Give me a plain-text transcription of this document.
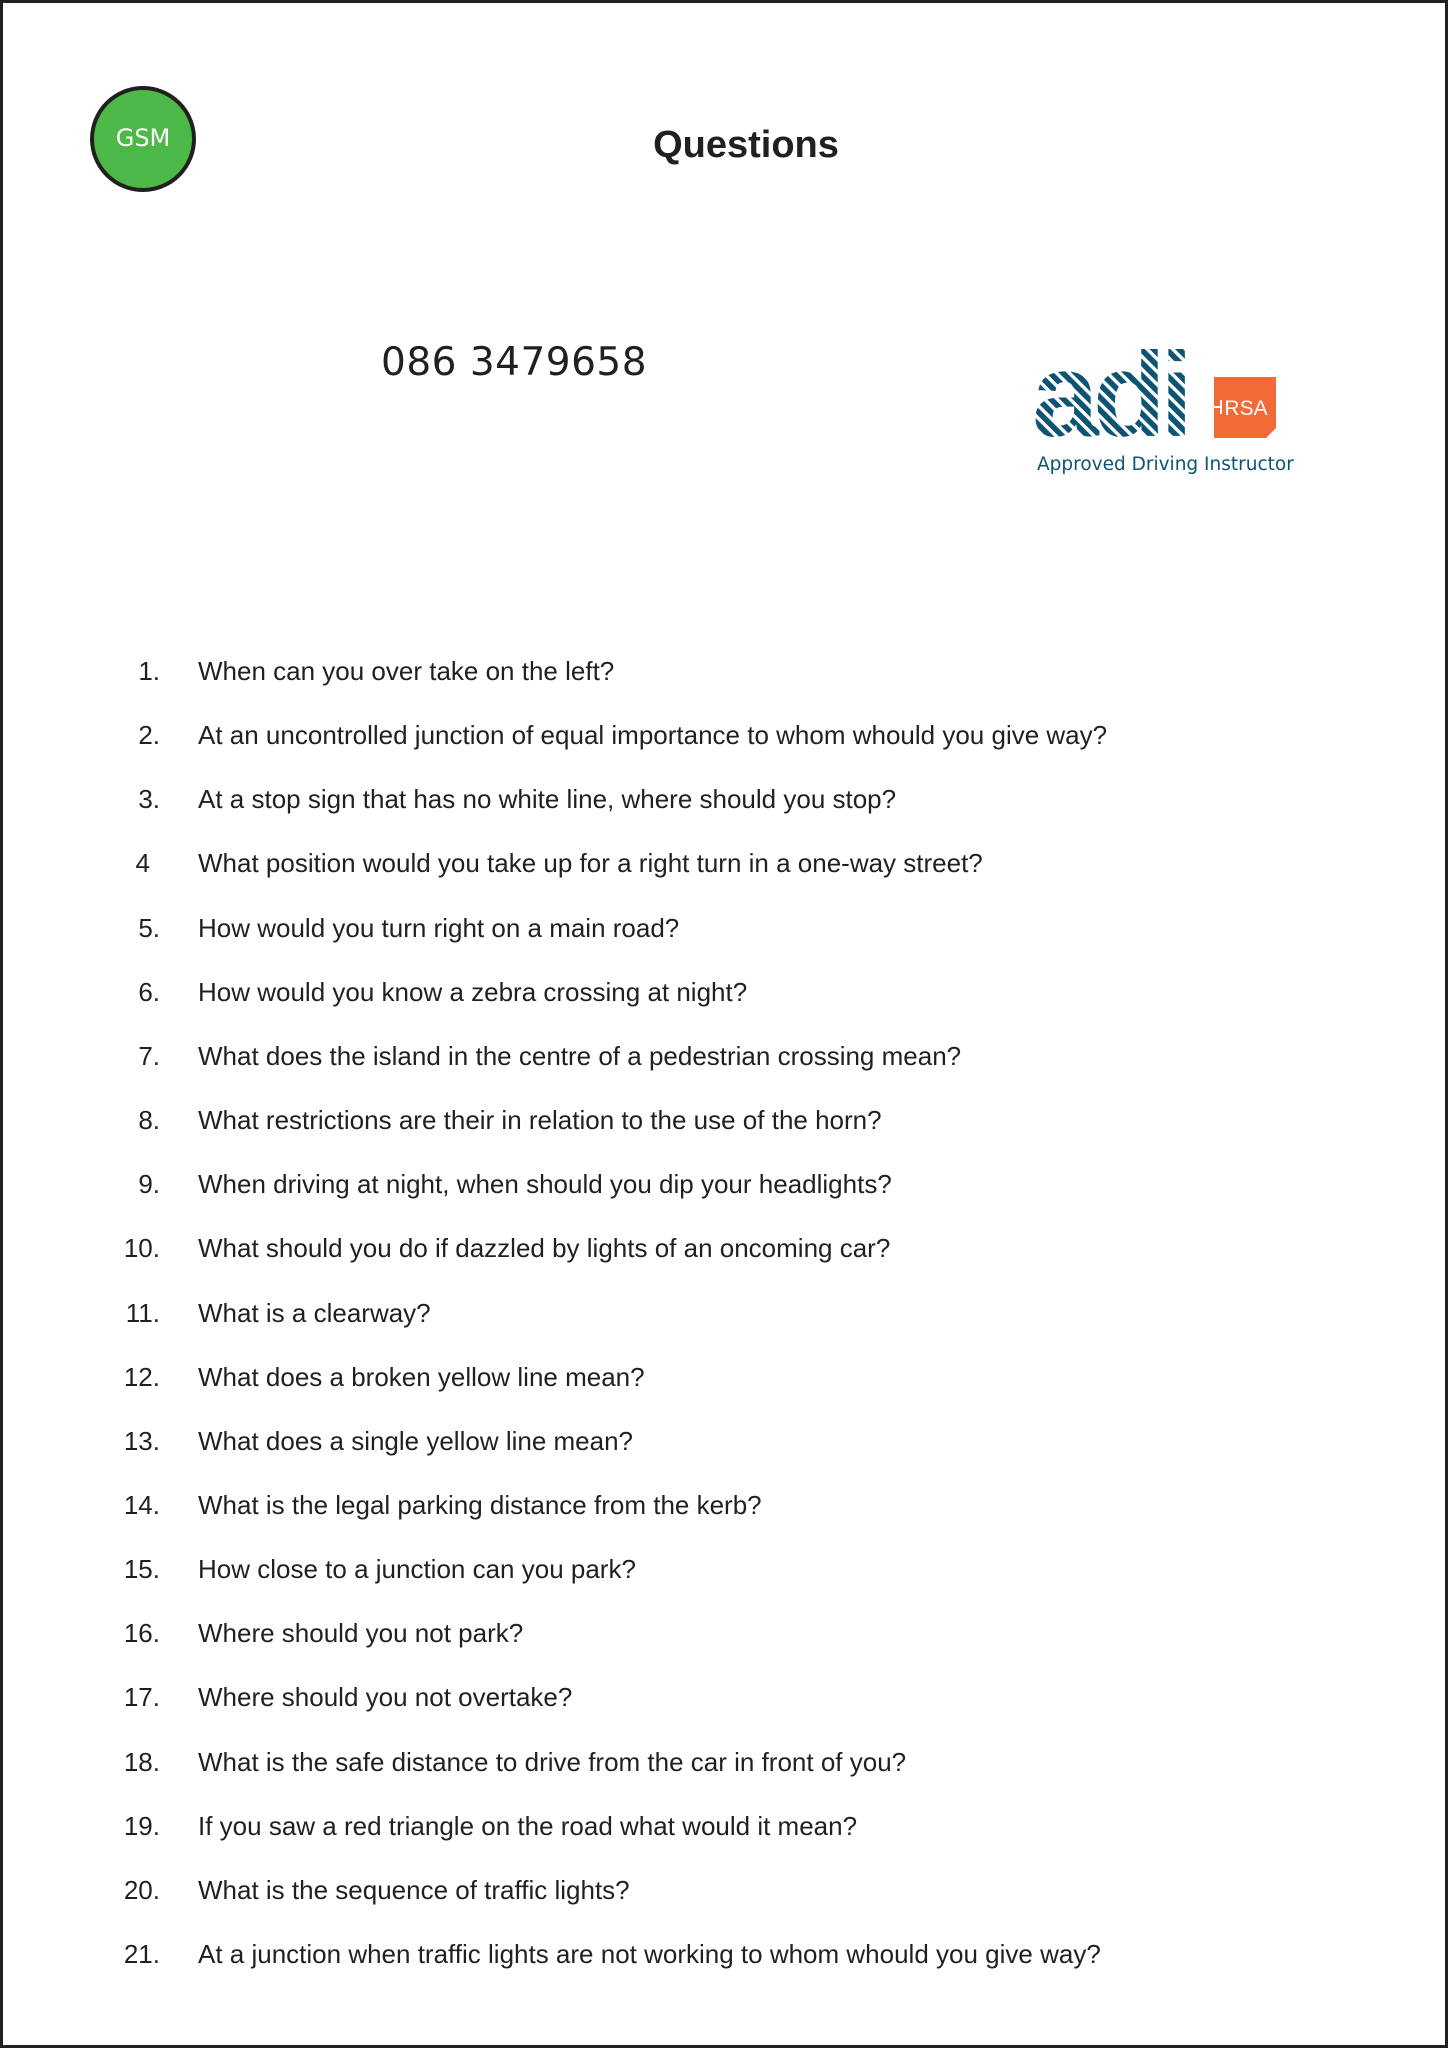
GSM	Questions
086 3479658	adi RSA
Approved Driving Instructor
1. When can you over take on the left?
2. At an uncontrolled junction of equal importance to whom whould you give way?
3. At a stop sign that has no white line, where should you stop?
4 What position would you take up for a right turn in a one-way street?
5. How would you turn right on a main road?
6. How would you know a zebra crossing at night?
7. What does the island in the centre of a pedestrian crossing mean?
8. What restrictions are their in relation to the use of the horn?
9. When driving at night, when should you dip your headlights?
10. What should you do if dazzled by lights of an oncoming car?
11. What is a clearway?
12. What does a broken yellow line mean?
13. What does a single yellow line mean?
14. What is the legal parking distance from the kerb?
15. How close to a junction can you park?
16. Where should you not park?
17. Where should you not overtake?
18. What is the safe distance to drive from the car in front of you?
19. If you saw a red triangle on the road what would it mean?
20. What is the sequence of traffic lights?
21. At a junction when traffic lights are not working to whom whould you give way?
